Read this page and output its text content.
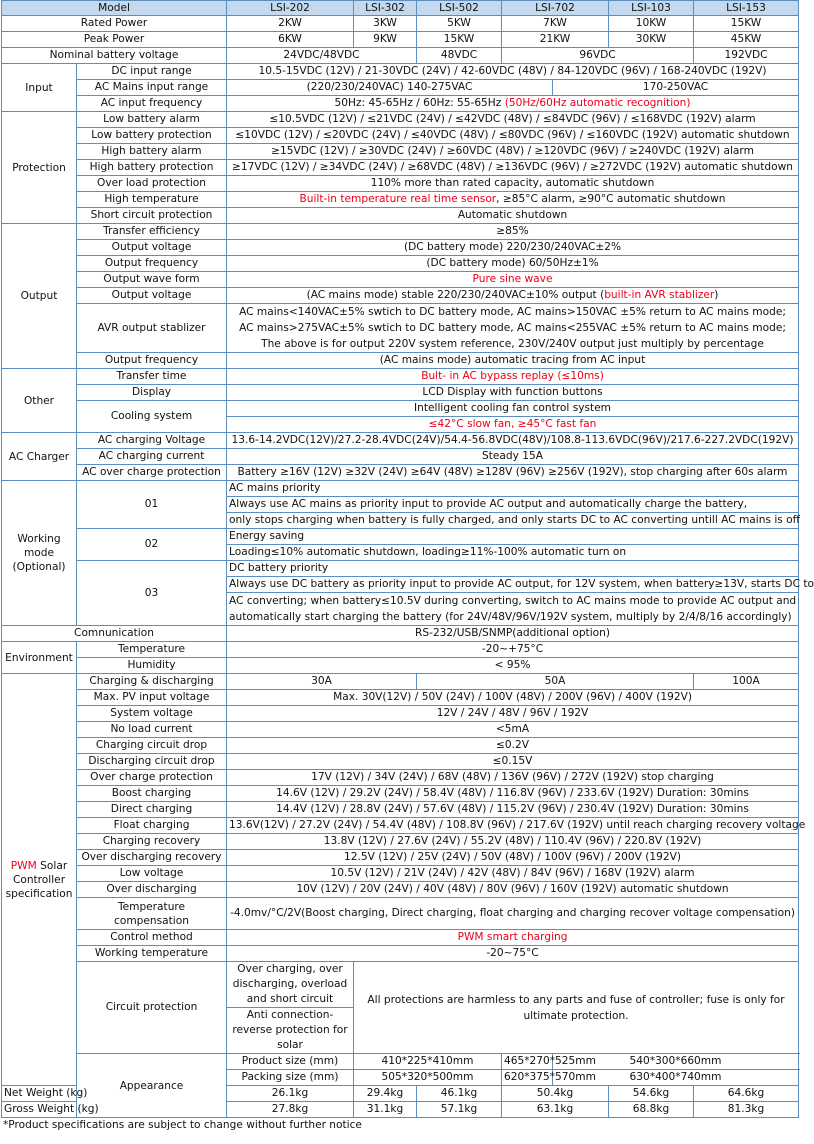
Model		LSI-202	LSI-302	LSI-502	LSI-702		LSI-103	LSI-153	
Rated Power		2KW	3KW	5KW	7KW		10KW	15KW	
Peak Power		6KW	9KW	15KW	21KW		30KW	45KW	
Nominal battery voltage		24VDC/48VDC		48VDC	96VDC			192VDC	
Input	DC input range	10.5-15VDC (12V) / 21-30VDC (24V) / 42-60VDC (48V) / 84-120VDC (96V) / 168-240VDC (192V)							
	AC Mains input range	(220/230/240VAC) 140-275VAC				170-250VAC			
	AC input frequency	50Hz: 45-65Hz / 60Hz: 55-65Hz (50Hz/60Hz automatic recognition)							
Protection	Low battery alarm	≤10.5VDC (12V) / ≤21VDC (24V) / ≤42VDC (48V) / ≤84VDC (96V) / ≤168VDC (192V) alarm							
	Low battery protection	≤10VDC (12V) / ≤20VDC (24V) / ≤40VDC (48V) / ≤80VDC (96V) / ≤160VDC (192V) automatic shutdown							
	High battery alarm	≥15VDC (12V) / ≥30VDC (24V) / ≥60VDC (48V) / ≥120VDC (96V) / ≥240VDC (192V) alarm							
	High battery protection	≥17VDC (12V) / ≥34VDC (24V) / ≥68VDC (48V) / ≥136VDC (96V) / ≥272VDC (192V) automatic shutdown							
	Over load protection	110% more than rated capacity, automatic shutdown							
	High temperature	Built-in temperature real time sensor, ≥85°C alarm, ≥90°C automatic shutdown							
	Short circuit protection	Automatic shutdown							
Output	Transfer efficiency	≥85%							
	Output voltage	(DC battery mode) 220/230/240VAC±2%							
	Output frequency	(DC battery mode) 60/50Hz±1%							
	Output wave form	Pure sine wave							
	Output voltage	(AC mains mode) stable 220/230/240VAC±10% output (built-in AVR stablizer)							
	AVR output stablizer	AC mains<140VAC±5% swtich to DC battery mode, AC mains>150VAC ±5% return to AC mains mode;
AC mains>275VAC±5% swtich to DC battery mode, AC mains<255VAC ±5% return to AC mains mode;
The above is for output 220V system reference, 230V/240V output just multiply by percentage							

	Output frequency	(AC mains mode) automatic tracing from AC input							
Other	Transfer time	Bult- in AC bypass replay (≤10ms)							
	Display	LCD Display with function buttons							
	Cooling system	Intelligent cooling fan control system							
		≤42°C slow fan, ≥45°C fast fan							
AC Charger	AC charging Voltage	13.6-14.2VDC(12V)/27.2-28.4VDC(24V)/54.4-56.8VDC(48V)/108.8-113.6VDC(96V)/217.6-227.2VDC(192V)							
	AC charging current	Steady 15A							
	AC over charge protection	Battery ≥16V (12V) ≥32V (24V) ≥64V (48V) ≥128V (96V) ≥256V (192V), stop charging after 60s alarm							
Working mode (Optional)	01	AC mains priority							
		Always use AC mains as priority input to provide AC output and automatically charge the battery,							
		only stops charging when battery is fully charged, and only starts DC to AC converting untill AC mains is off							
	02	Energy saving							
		Loading≤10% automatic shutdown, loading≥11%-100% automatic turn on							
	03	DC battery priority							
		Always use DC battery as priority input to provide AC output, for 12V system, when battery≥13V, starts DC to							

		AC converting; when battery≤10.5V during converting, switch to AC mains mode to provide AC output and
automatically start charging the battery (for 24V/48V/96V/192V system, multiply by 2/4/8/16 accordingly)							

Comnunication		RS-232/USB/SNMP(additional option)							
Environment	Temperature	-20~+75°C							
	Humidity	< 95%							
PWM Solar Controller specification	Charging & discharging	30A		50A				100A	
	Max. PV input voltage	Max. 30V(12V) / 50V (24V) / 100V (48V) / 200V (96V) / 400V (192V)							
	System voltage	12V / 24V / 48V / 96V / 192V							
	No load current	<5mA							
	Charging circuit drop	≤0.2V							
	Discharging circuit drop	≤0.15V							
	Over charge protection	17V (12V) / 34V (24V) / 68V (48V) / 136V (96V) / 272V (192V) stop charging							
	Boost charging	14.6V (12V) / 29.2V (24V) / 58.4V (48V) / 116.8V (96V) / 233.6V (192V) Duration: 30mins							
	Direct charging	14.4V (12V) / 28.8V (24V) / 57.6V (48V) / 115.2V (96V) / 230.4V (192V) Duration: 30mins							
	Float charging	13.6V(12V) / 27.2V (24V) / 54.4V (48V) / 108.8V (96V) / 217.6V (192V) until reach charging recovery voltage							
	Charging recovery	13.8V (12V) / 27.6V (24V) / 55.2V (48V) / 110.4V (96V) / 220.8V (192V)							
	Over discharging recovery	12.5V (12V) / 25V (24V) / 50V (48V) / 100V (96V) / 200V (192V)							
	Low voltage	10.5V (12V) / 21V (24V) / 42V (48V) / 84V (96V) / 168V (192V) alarm							
	Over discharging	10V (12V) / 20V (24V) / 40V (48V) / 80V (96V) / 160V (192V) automatic shutdown							
	Temperature compensation	-4.0mv/°C/2V(Boost charging, Direct charging, float charging and charging recover voltage compensation)							
	Control method	PWM smart charging							
	Working temperature	-20~75°C							
	Circuit protection	Over charging, over discharging, overload and short circuit	All protections are harmless to any parts and fuse of controller; fuse is only for ultimate protection.						
		Anti connection-reverse protection for solar							
	Appearance	Product size (mm)	410*225*410mm		465*270*525mm	540*300*660mm	
		Packing size (mm)	505*320*500mm		620*375*570mm	630*400*740mm	
Net Weight (kg)		26.1kg	29.4kg	46.1kg	50.4kg		54.6kg	64.6kg	
Gross Weight (kg)		27.8kg	31.1kg	57.1kg	63.1kg		68.8kg	81.3kg	
*Product specifications are subject to change without further notice
